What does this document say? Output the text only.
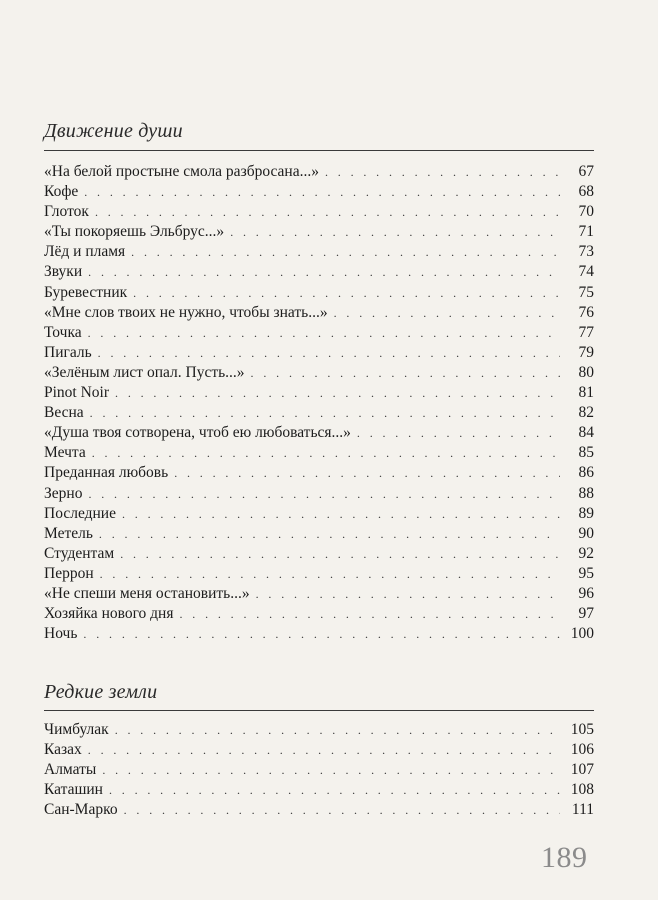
Движение души
«На белой простыне смола разбросана...» . . .	67
Кофе . . .	68
Глоток . . .	70
«Ты покоряешь Эльбрус...» . . .	71
Лёд и пламя . . .	73
Звуки . . .	74
Буревестник . . .	75
«Мне слов твоих не нужно, чтобы знать...» . . .	76
Точка . . .	77
Пигаль . . .	79
«Зелёным лист опал. Пусть...» . . .	80
Pinot Noir . . .	81
Весна . . .	82
«Душа твоя сотворена, чтоб ею любоваться...» . . .	84
Мечта . . .	85
Преданная любовь . . .	86
Зерно . . .	88
Последние . . .	89
Метель . . .	90
Студентам . . .	92
Перрон . . .	95
«Не спеши меня остановить...» . . .	96
Хозяйка нового дня . . .	97
Ночь . . .	100
Редкие земли
Чимбулак . . .	105
Казах . . .	106
Алматы . . .	107
Каташин . . .	108
Сан-Марко . . .	111
189
